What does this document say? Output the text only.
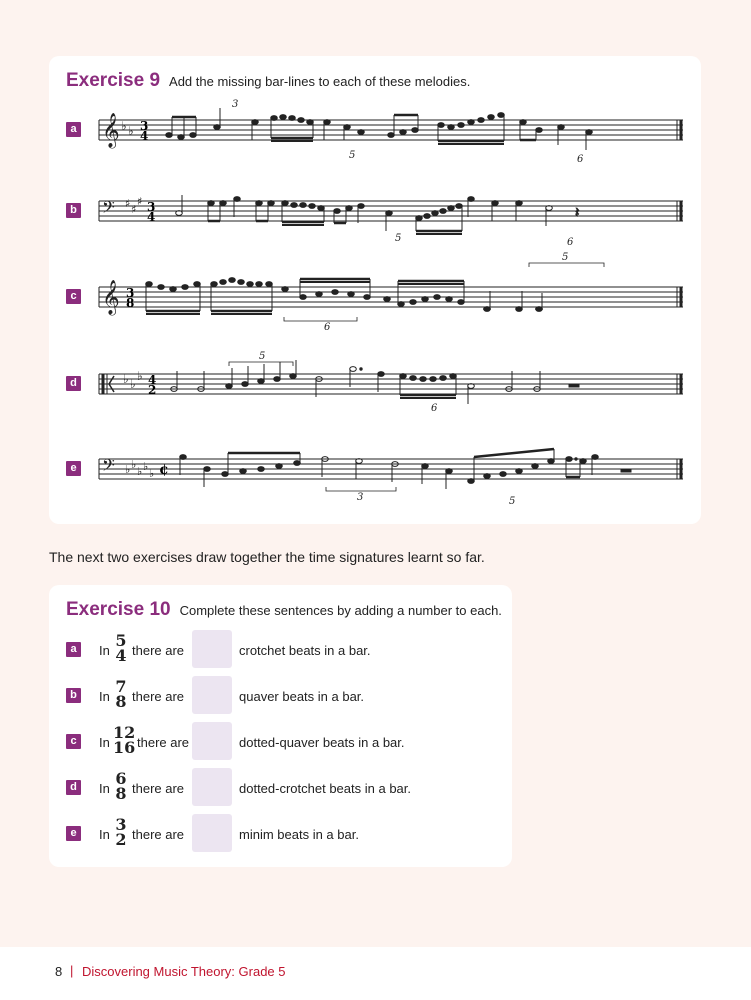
Exercise 9 Add the missing bar-lines to each of these melodies.
a
b
c
d
e
𝄞 ♭ ♭ 3
4
3
5	6
𝄢 ♯ ♯
♯ 3
4	𝄽
5	6
𝄞 3
8
6
5
♭ ♭
♭ 4
2
5
6
𝄢 ♭ ♭
♭ ♭
♭ ¢
3	5
The next two exercises draw together the time signatures learnt so far.
Exercise 10 Complete these sentences by adding a number to each.
a	In
5
4 there are	crotchet beats in a bar.
b	In
7
8 there are	quaver beats in a bar.
c	In
12
16 there are	dotted-quaver beats in a bar.
d	In
6
8 there are	dotted-crotchet beats in a bar.
e	In
3
2 there are	minim beats in a bar.
8 | Discovering Music Theory: Grade 5
